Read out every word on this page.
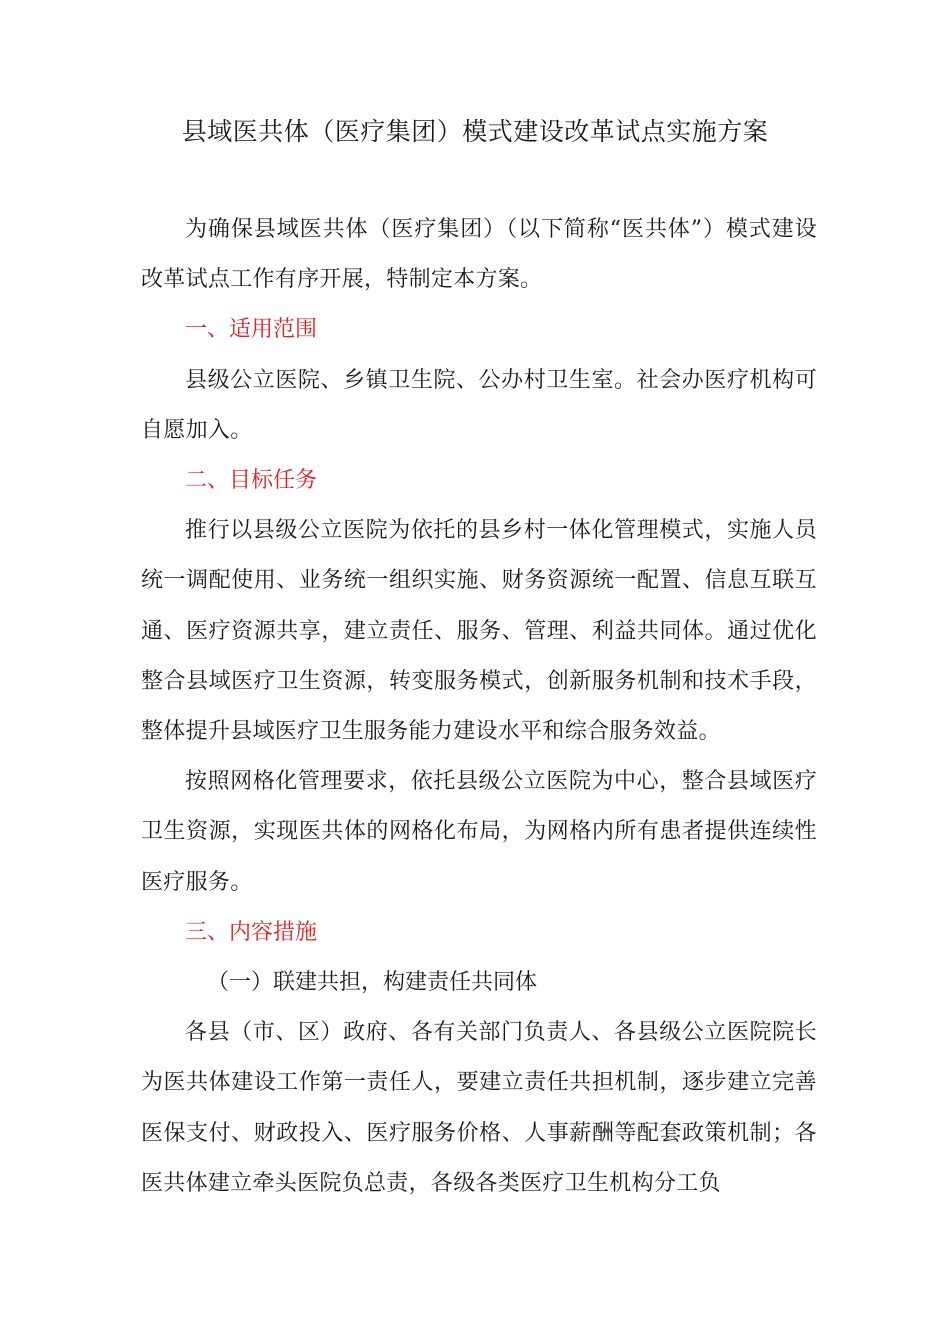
县域医共体（医疗集团）模式建设改革试点实施方案

为确保县域医共体（医疗集团）（以下简称“医共体”）模式建设改革试点工作有序开展，特制定本方案。

一、适用范围

县级公立医院、乡镇卫生院、公办村卫生室。社会办医疗机构可自愿加入。

二、目标任务

推行以县级公立医院为依托的县乡村一体化管理模式，实施人员统一调配使用、业务统一组织实施、财务资源统一配置、信息互联互通、医疗资源共享，建立责任、服务、管理、利益共同体。通过优化整合县域医疗卫生资源，转变服务模式，创新服务机制和技术手段，整体提升县域医疗卫生服务能力建设水平和综合服务效益。

按照网格化管理要求，依托县级公立医院为中心，整合县域医疗卫生资源，实现医共体的网格化布局，为网格内所有患者提供连续性医疗服务。

三、内容措施

（一）联建共担，构建责任共同体

各县（市、区）政府、各有关部门负责人、各县级公立医院院长为医共体建设工作第一责任人，要建立责任共担机制，逐步建立完善医保支付、财政投入、医疗服务价格、人事薪酬等配套政策机制；各医共体建立牵头医院负总责，各级各类医疗卫生机构分工负
